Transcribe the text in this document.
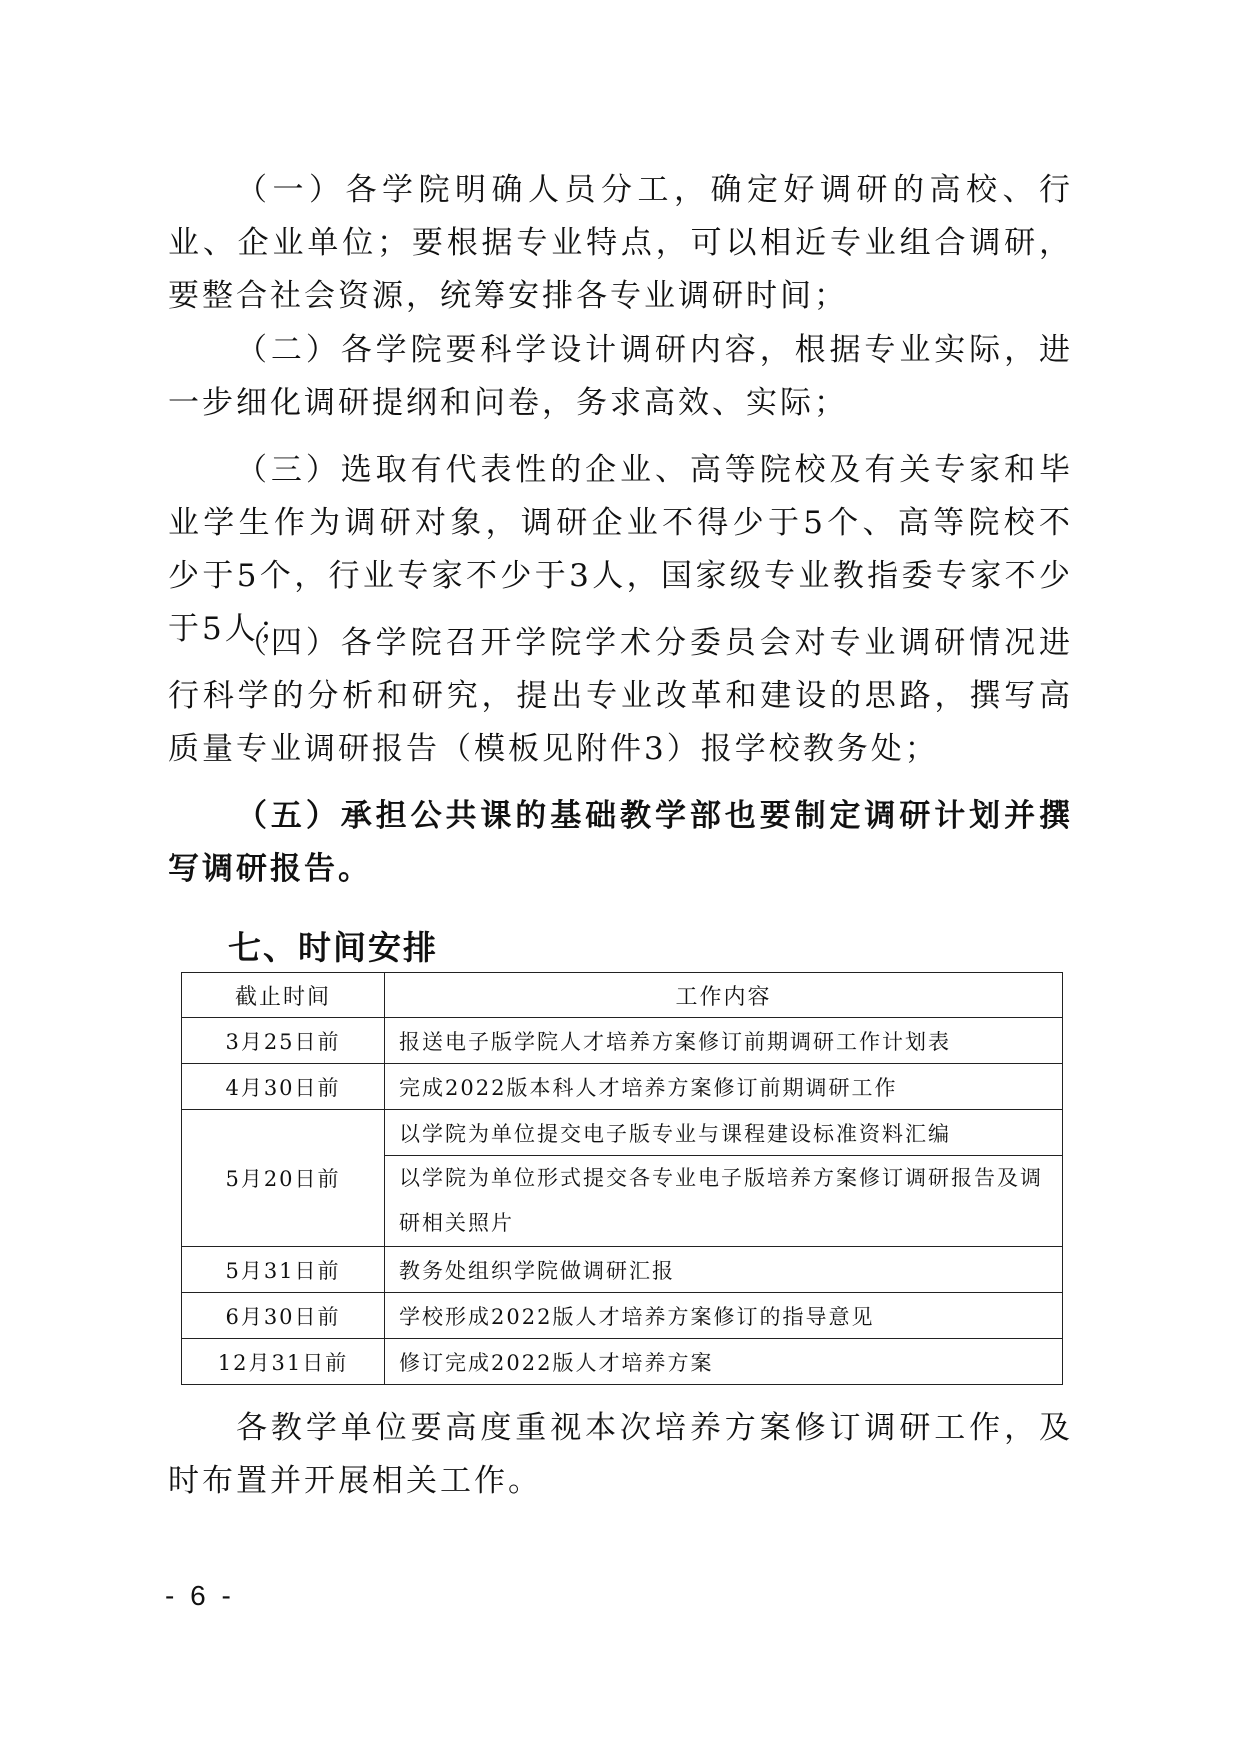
（一）各学院明确人员分工，确定好调研的高校、行业、企业单位；要根据专业特点，可以相近专业组合调研，要整合社会资源，统筹安排各专业调研时间；

（二）各学院要科学设计调研内容，根据专业实际，进一步细化调研提纲和问卷，务求高效、实际；

（三）选取有代表性的企业、高等院校及有关专家和毕业学生作为调研对象，调研企业不得少于5个、高等院校不少于5个，行业专家不少于3人，国家级专业教指委专家不少于5人；

（四）各学院召开学院学术分委员会对专业调研情况进行科学的分析和研究，提出专业改革和建设的思路，撰写高质量专业调研报告（模板见附件3）报学校教务处；

（五）承担公共课的基础教学部也要制定调研计划并撰写调研报告。

七、时间安排
截止时间	工作内容
3月25日前	报送电子版学院人才培养方案修订前期调研工作计划表
4月30日前	完成2022版本科人才培养方案修订前期调研工作
5月20日前	以学院为单位提交电子版专业与课程建设标准资料汇编
	以学院为单位形式提交各专业电子版培养方案修订调研报告及调研相关照片
5月31日前	教务处组织学院做调研汇报
6月30日前	学校形成2022版人才培养方案修订的指导意见
12月31日前	修订完成2022版人才培养方案

各教学单位要高度重视本次培养方案修订调研工作，及时布置并开展相关工作。

- 6 -
